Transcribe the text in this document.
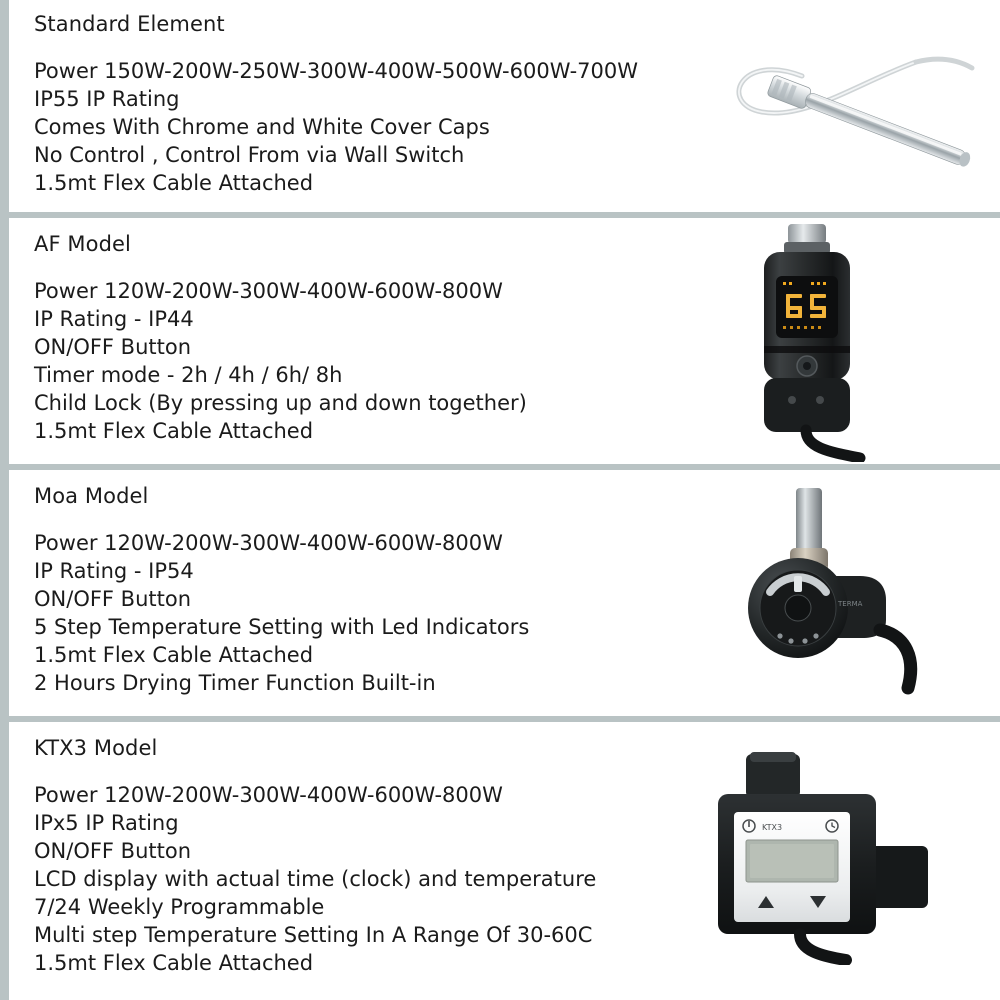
Standard Element
Power 150W-200W-250W-300W-400W-500W-600W-700W
IP55 IP Rating
Comes With Chrome and White Cover Caps
No Control , Control From via Wall Switch
1.5mt Flex Cable Attached
AF Model
Power 120W-200W-300W-400W-600W-800W
IP Rating - IP44
ON/OFF Button
Timer mode - 2h / 4h / 6h/ 8h
Child Lock (By pressing up and down together)
1.5mt Flex Cable Attached
Moa Model
Power 120W-200W-300W-400W-600W-800W
IP Rating - IP54
ON/OFF Button
5 Step Temperature Setting with Led Indicators
1.5mt Flex Cable Attached
2 Hours Drying Timer Function Built-in
TERMA
KTX3 Model
Power 120W-200W-300W-400W-600W-800W
IPx5 IP Rating
ON/OFF Button
LCD display with actual time (clock) and temperature
7/24 Weekly Programmable
Multi step Temperature Setting In A Range Of 30-60C
1.5mt Flex Cable Attached
KTX3
